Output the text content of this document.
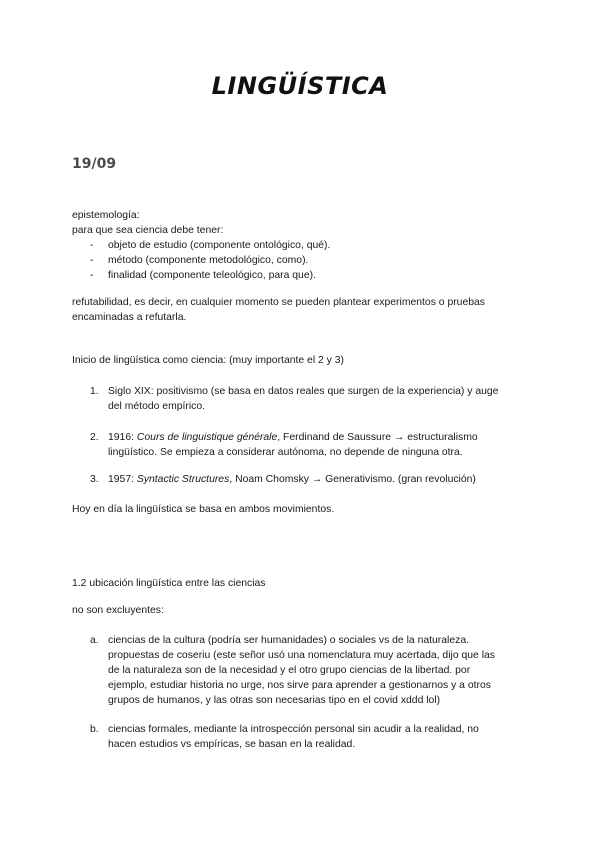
LINGÜÍSTICA
19/09
epistemología:
para que sea ciencia debe tener:
- objeto de estudio (componente ontológico, qué).
- método (componente metodológico, como).
- finalidad (componente teleológico, para que).
refutabilidad, es decir, en cualquier momento se pueden plantear experimentos o pruebas
encaminadas a refutarla.
Inicio de lingüística como ciencia: (muy importante el 2 y 3)
1. Siglo XIX: positivismo (se basa en datos reales que surgen de la experiencia) y auge
del método empírico.
2. 1916: Cours de linguistique générale, Ferdinand de Saussure → estructuralismo
lingüístico. Se empieza a considerar autónoma, no depende de ninguna otra.
3. 1957: Syntactic Structures, Noam Chomsky → Generativismo. (gran revolución)
Hoy en día la lingüística se basa en ambos movimientos.
1.2 ubicación lingüística entre las ciencias
no son excluyentes:
a. ciencias de la cultura (podría ser humanidades) o sociales vs de la naturaleza.
propuestas de coseriu (este señor usó una nomenclatura muy acertada, dijo que las
de la naturaleza son de la necesidad y el otro grupo ciencias de la libertad. por
ejemplo, estudiar historia no urge, nos sirve para aprender a gestionarnos y a otros
grupos de humanos, y las otras son necesarias tipo en el covid xddd lol)
b. ciencias formales, mediante la introspección personal sin acudir a la realidad, no
hacen estudios vs empíricas, se basan en la realidad.
